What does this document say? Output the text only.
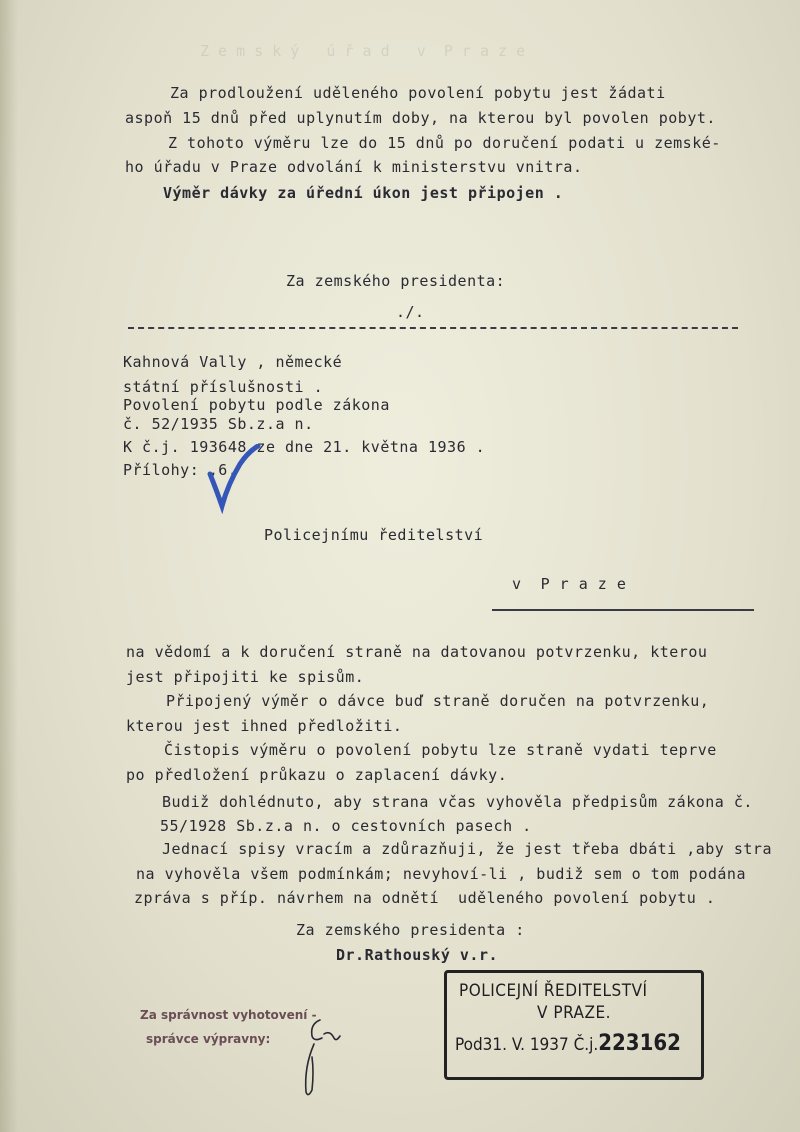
Z e m s k ý   ú ř a d   v  P r a z e
Za prodloužení uděleného povolení pobytu jest žádati
aspoň 15 dnů před uplynutím doby, na kterou byl povolen pobyt.
Z tohoto výměru lze do 15 dnů po doručení podati u zemské-
ho úřadu v Praze odvolání k ministerstvu vnitra.
Výměr dávky za úřední úkon jest připojen .
Za zemského presidenta:
./.
Kahnová Vally , německé
státní příslušnosti .
Povolení pobytu podle zákona
č. 52/1935 Sb.z.a n.
K č.j. 193648 ze dne 21. května 1936 .
Přílohy: ,6.
Policejnímu ředitelství
v  P r a z e
na vědomí a k doručení straně na datovanou potvrzenku, kterou
jest připojiti ke spisům.
Připojený výměr o dávce buď straně doručen na potvrzenku,
kterou jest ihned předložiti.
Čistopis výměru o povolení pobytu lze straně vydati teprve
po předložení průkazu o zaplacení dávky.
Budiž dohlédnuto, aby strana včas vyhověla předpisům zákona č.
55/1928 Sb.z.a n. o cestovních pasech .
Jednací spisy vracím a zdůrazňuji, že jest třeba dbáti ,aby stra
na vyhověla všem podmínkám; nevyhoví-li , budiž sem o tom podána
zpráva s příp. návrhem na odnětí  uděleného povolení pobytu .
Za zemského presidenta :
Dr.Rathouský v.r.
Za správnost vyhotovení -
správce výpravny:
POLICEJNÍ ŘEDITELSTVÍ
V PRAZE.
Pod31. V. 1937 Č.j.223162
